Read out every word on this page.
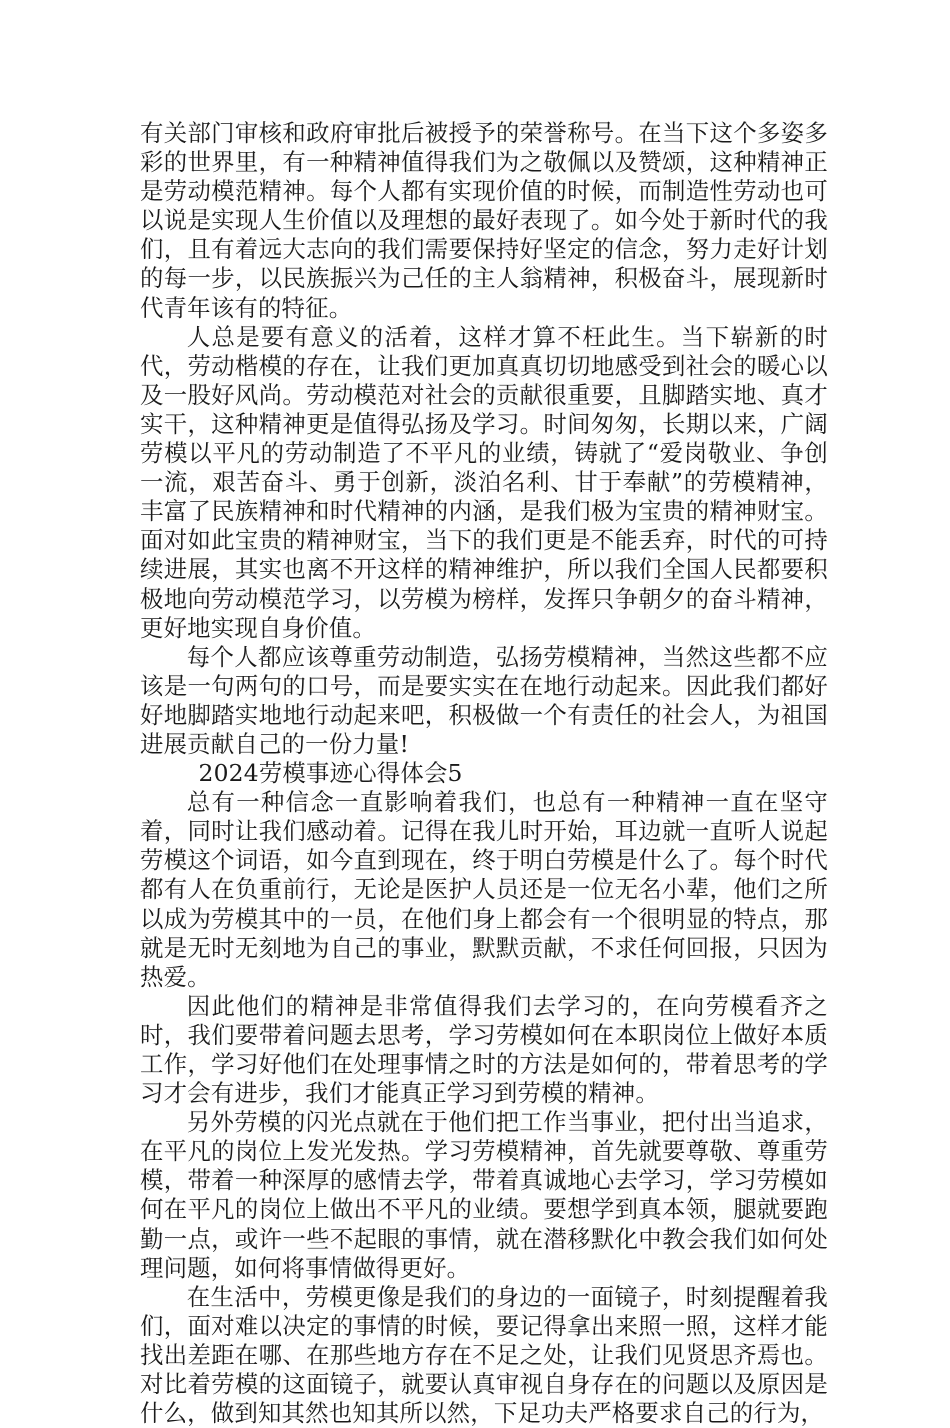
有关部门审核和政府审批后被授予的荣誉称号。在当下这个多姿多彩的世界里，有一种精神值得我们为之敬佩以及赞颂，这种精神正是劳动模范精神。每个人都有实现价值的时候，而制造性劳动也可以说是实现人生价值以及理想的最好表现了。如今处于新时代的我们，且有着远大志向的我们需要保持好坚定的信念，努力走好计划的每一步，以民族振兴为己任的主人翁精神，积极奋斗，展现新时代青年该有的特征。

人总是要有意义的活着，这样才算不枉此生。当下崭新的时代，劳动楷模的存在，让我们更加真真切切地感受到社会的暖心以及一股好风尚。劳动模范对社会的贡献很重要，且脚踏实地、真才实干，这种精神更是值得弘扬及学习。时间匆匆，长期以来，广阔劳模以平凡的劳动制造了不平凡的业绩，铸就了“爱岗敬业、争创一流，艰苦奋斗、勇于创新，淡泊名利、甘于奉献”的劳模精神，丰富了民族精神和时代精神的内涵，是我们极为宝贵的精神财宝。面对如此宝贵的精神财宝，当下的我们更是不能丢弃，时代的可持续进展，其实也离不开这样的精神维护，所以我们全国人民都要积极地向劳动模范学习，以劳模为榜样，发挥只争朝夕的奋斗精神，更好地实现自身价值。

每个人都应该尊重劳动制造，弘扬劳模精神，当然这些都不应该是一句两句的口号，而是要实实在在地行动起来。因此我们都好好地脚踏实地地行动起来吧，积极做一个有责任的社会人，为祖国进展贡献自己的一份力量!

2024劳模事迹心得体会5

总有一种信念一直影响着我们，也总有一种精神一直在坚守着，同时让我们感动着。记得在我儿时开始，耳边就一直听人说起劳模这个词语，如今直到现在，终于明白劳模是什么了。每个时代都有人在负重前行，无论是医护人员还是一位无名小辈，他们之所以成为劳模其中的一员，在他们身上都会有一个很明显的特点，那就是无时无刻地为自己的事业，默默贡献，不求任何回报，只因为热爱。

因此他们的精神是非常值得我们去学习的，在向劳模看齐之时，我们要带着问题去思考，学习劳模如何在本职岗位上做好本质工作，学习好他们在处理事情之时的方法是如何的，带着思考的学习才会有进步，我们才能真正学习到劳模的精神。

另外劳模的闪光点就在于他们把工作当事业，把付出当追求，在平凡的岗位上发光发热。学习劳模精神，首先就要尊敬、尊重劳模，带着一种深厚的感情去学，带着真诚地心去学习，学习劳模如何在平凡的岗位上做出不平凡的业绩。要想学到真本领，腿就要跑勤一点，或许一些不起眼的事情，就在潜移默化中教会我们如何处理问题，如何将事情做得更好。

在生活中，劳模更像是我们的身边的一面镜子，时刻提醒着我们，面对难以决定的事情的时候，要记得拿出来照一照，这样才能找出差距在哪、在那些地方存在不足之处，让我们见贤思齐焉也。对比着劳模的这面镜子，就要认真审视自身存在的问题以及原因是什么，做到知其然也知其所以然，下足功夫严格要求自己的行为，
